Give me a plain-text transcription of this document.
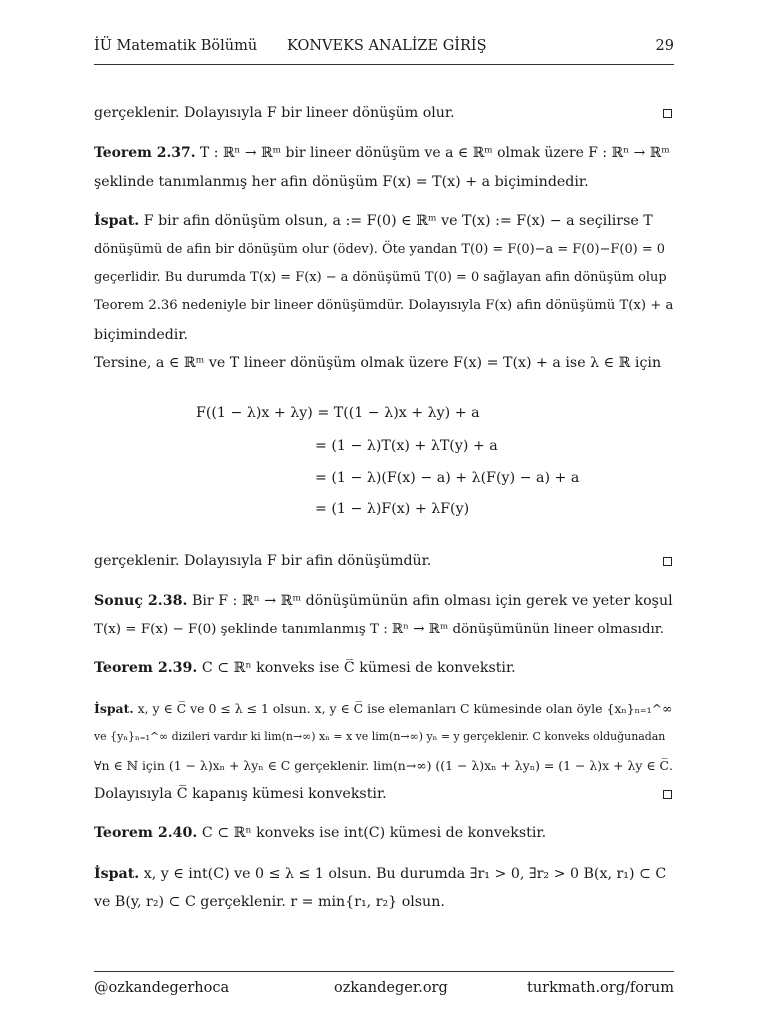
İÜ Matematik Bölümü KONVEKS ANALİZE GİRİŞ	29
gerçeklenir. Dolayısıyla F bir lineer dönüşüm olur.
Teorem 2.37. T : ℝⁿ → ℝᵐ bir lineer dönüşüm ve a ∈ ℝᵐ olmak üzere F : ℝⁿ → ℝᵐ
şeklinde tanımlanmış her afin dönüşüm F(x) = T(x) + a biçimindedir.
İspat. F bir afin dönüşüm olsun, a := F(0) ∈ ℝᵐ ve T(x) := F(x) − a seçilirse T
dönüşümü de afin bir dönüşüm olur (ödev). Öte yandan T(0) = F(0)−a = F(0)−F(0) = 0
geçerlidir. Bu durumda T(x) = F(x) − a dönüşümü T(0) = 0 sağlayan afin dönüşüm olup
Teorem 2.36 nedeniyle bir lineer dönüşümdür. Dolayısıyla F(x) afin dönüşümü T(x) + a
biçimindedir.
Tersine, a ∈ ℝᵐ ve T lineer dönüşüm olmak üzere F(x) = T(x) + a ise λ ∈ ℝ için
F((1 − λ)x + λy) = T((1 − λ)x + λy) + a
= (1 − λ)T(x) + λT(y) + a
= (1 − λ)(F(x) − a) + λ(F(y) − a) + a
= (1 − λ)F(x) + λF(y)
gerçeklenir. Dolayısıyla F bir afin dönüşümdür.
Sonuç 2.38. Bir F : ℝⁿ → ℝᵐ dönüşümünün afin olması için gerek ve yeter koşul
T(x) = F(x) − F(0) şeklinde tanımlanmış T : ℝⁿ → ℝᵐ dönüşümünün lineer olmasıdır.
Teorem 2.39. C ⊂ ℝⁿ konveks ise C̅ kümesi de konvekstir.
İspat. x, y ∈ C̅ ve 0 ≤ λ ≤ 1 olsun. x, y ∈ C̅ ise elemanları C kümesinde olan öyle {xₙ}ₙ₌₁^∞
ve {yₙ}ₙ₌₁^∞ dizileri vardır ki lim(n→∞) xₙ = x ve lim(n→∞) yₙ = y gerçeklenir. C konveks olduğunadan
∀n ∈ ℕ için (1 − λ)xₙ + λyₙ ∈ C gerçeklenir. lim(n→∞) ((1 − λ)xₙ + λyₙ) = (1 − λ)x + λy ∈ C̅.
Dolayısıyla C̅ kapanış kümesi konvekstir.
Teorem 2.40. C ⊂ ℝⁿ konveks ise int(C) kümesi de konvekstir.
İspat. x, y ∈ int(C) ve 0 ≤ λ ≤ 1 olsun. Bu durumda ∃r₁ > 0, ∃r₂ > 0 B(x, r₁) ⊂ C
ve B(y, r₂) ⊂ C gerçeklenir. r = min{r₁, r₂} olsun.
@ozkandegerhoca	ozkandeger.org	turkmath.org/forum
